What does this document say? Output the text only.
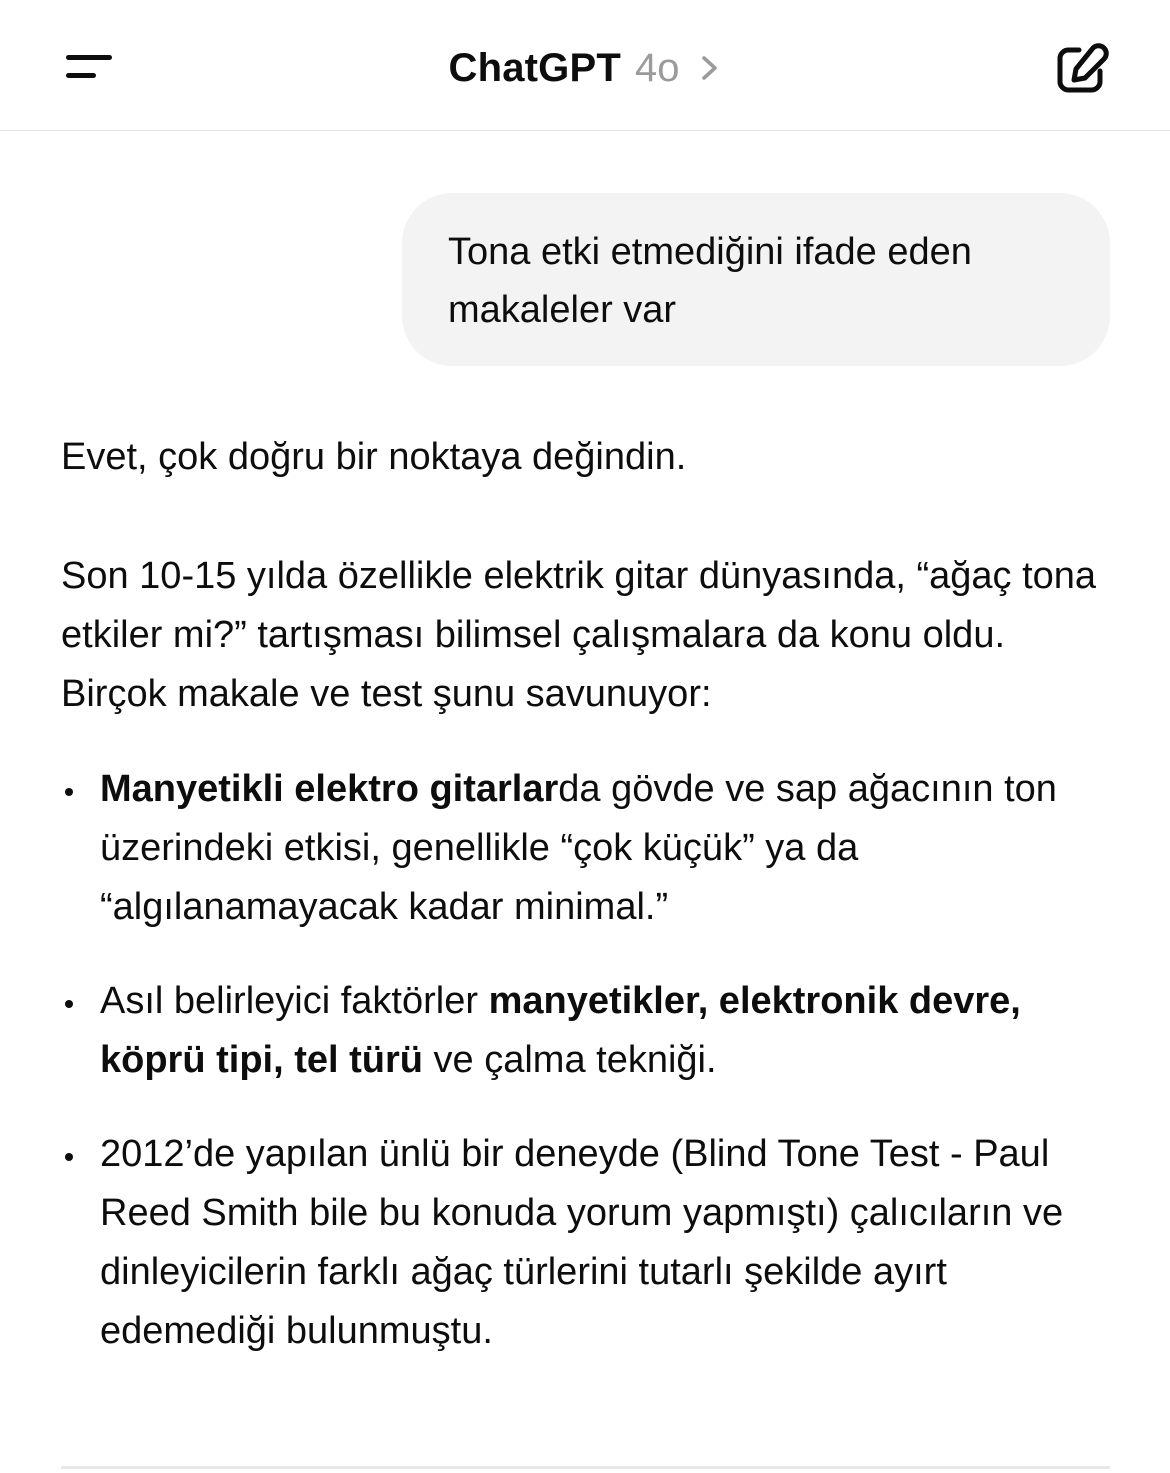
ChatGPT 4o
Tona etki etmediğini ifade eden
makaleler var

Evet, çok doğru bir noktaya değindin.

Son 10-15 yılda özellikle elektrik gitar dünyasında, “ağaç tona etkiler mi?” tartışması bilimsel çalışmalara da konu oldu. Birçok makale ve test şunu savunuyor:

Manyetikli elektro gitarlarda gövde ve sap ağacının ton üzerindeki etkisi, genellikle “çok küçük” ya da “algılanamayacak kadar minimal.”
Asıl belirleyici faktörler manyetikler, elektronik devre, köprü tipi, tel türü ve çalma tekniği.
2012’de yapılan ünlü bir deneyde (Blind Tone Test - Paul Reed Smith bile bu konuda yorum yapmıştı) çalıcıların ve dinleyicilerin farklı ağaç türlerini tutarlı şekilde ayırt edemediği bulunmuştu.
